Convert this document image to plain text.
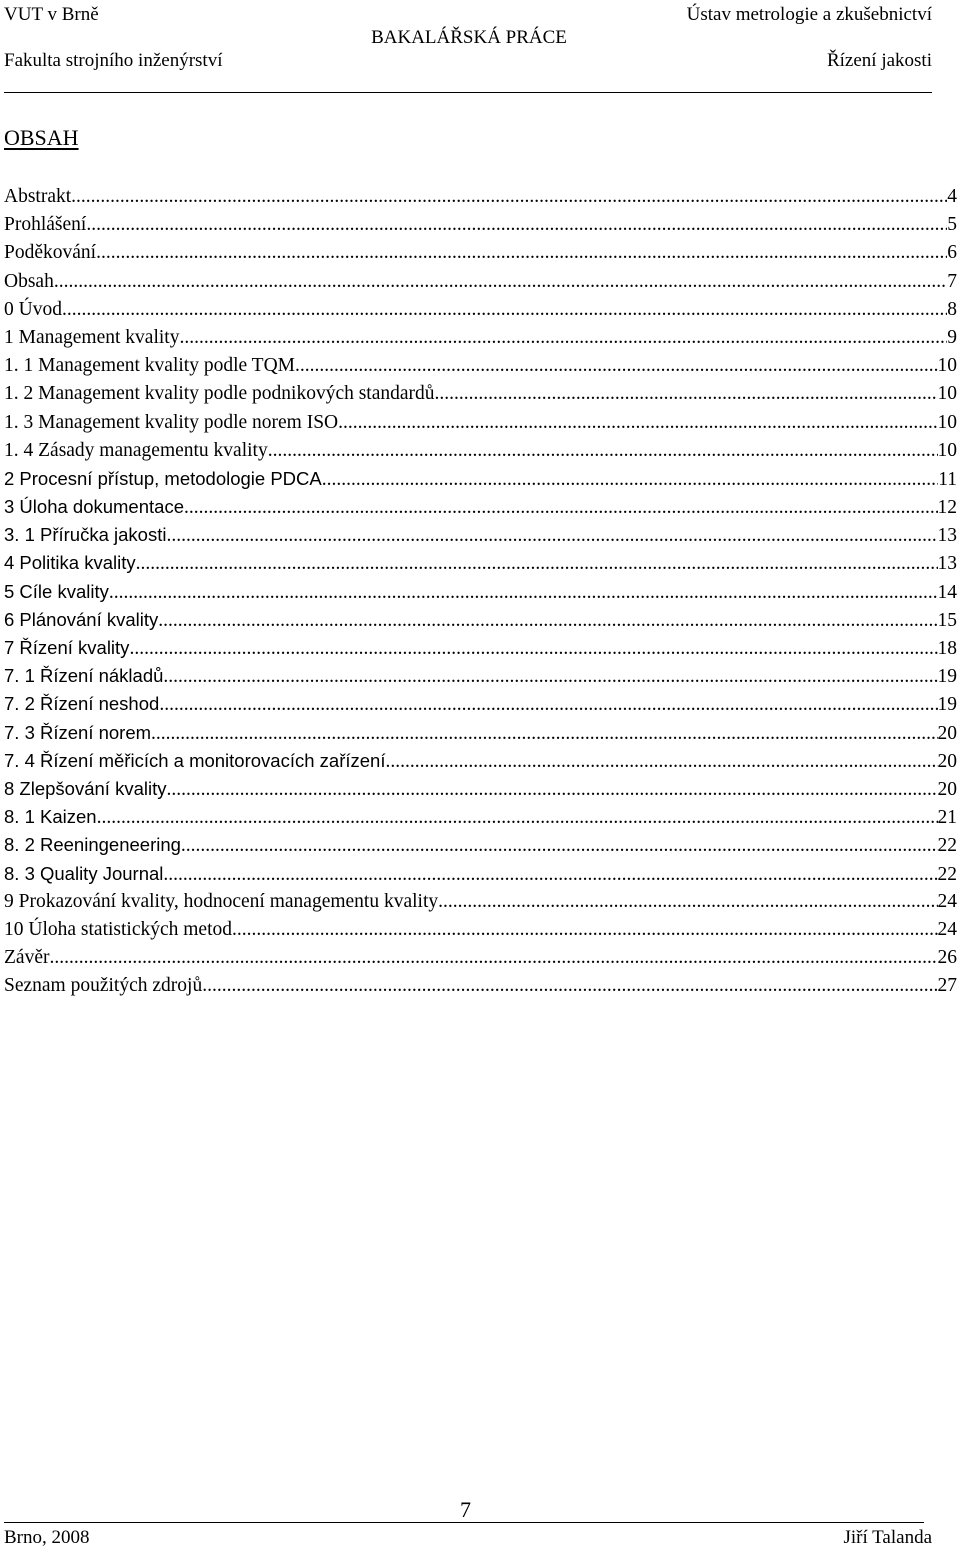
VUT v Brně	Ústav metrologie a zkušebnictví
BAKALÁŘSKÁ PRÁCE
Fakulta strojního inženýrství	Řízení jakosti
OBSAH
Abstrakt .....	4
Prohlášení .....	5
Poděkování .....	6
Obsah .....	7
0 Úvod .....	8
1 Management kvality .....	9
1. 1 Management kvality podle TQM .....	10
1. 2 Management kvality podle podnikových standardů .....	10
1. 3 Management kvality podle norem ISO .....	10
1. 4 Zásady managementu kvality .....	10
2 Procesní přístup, metodologie PDCA .....	11
3 Úloha dokumentace .....	12
3. 1 Příručka jakosti .....	13
4 Politika kvality .....	13
5 Cíle kvality .....	14
6 Plánování kvality .....	15
7 Řízení kvality .....	18
7. 1 Řízení nákladů .....	19
7. 2 Řízení neshod .....	19
7. 3 Řízení norem .....	20
7. 4 Řízení měřicích a monitorovacích zařízení .....	20
8 Zlepšování kvality .....	20
8. 1 Kaizen .....	21
8. 2 Reeningeneering .....	22
8. 3 Quality Journal .....	22
9 Prokazování kvality, hodnocení managementu kvality .....	24
10 Úloha statistických metod .....	24
Závěr .....	26
Seznam použitých zdrojů .....	27
7
Brno, 2008	Jiří Talanda
